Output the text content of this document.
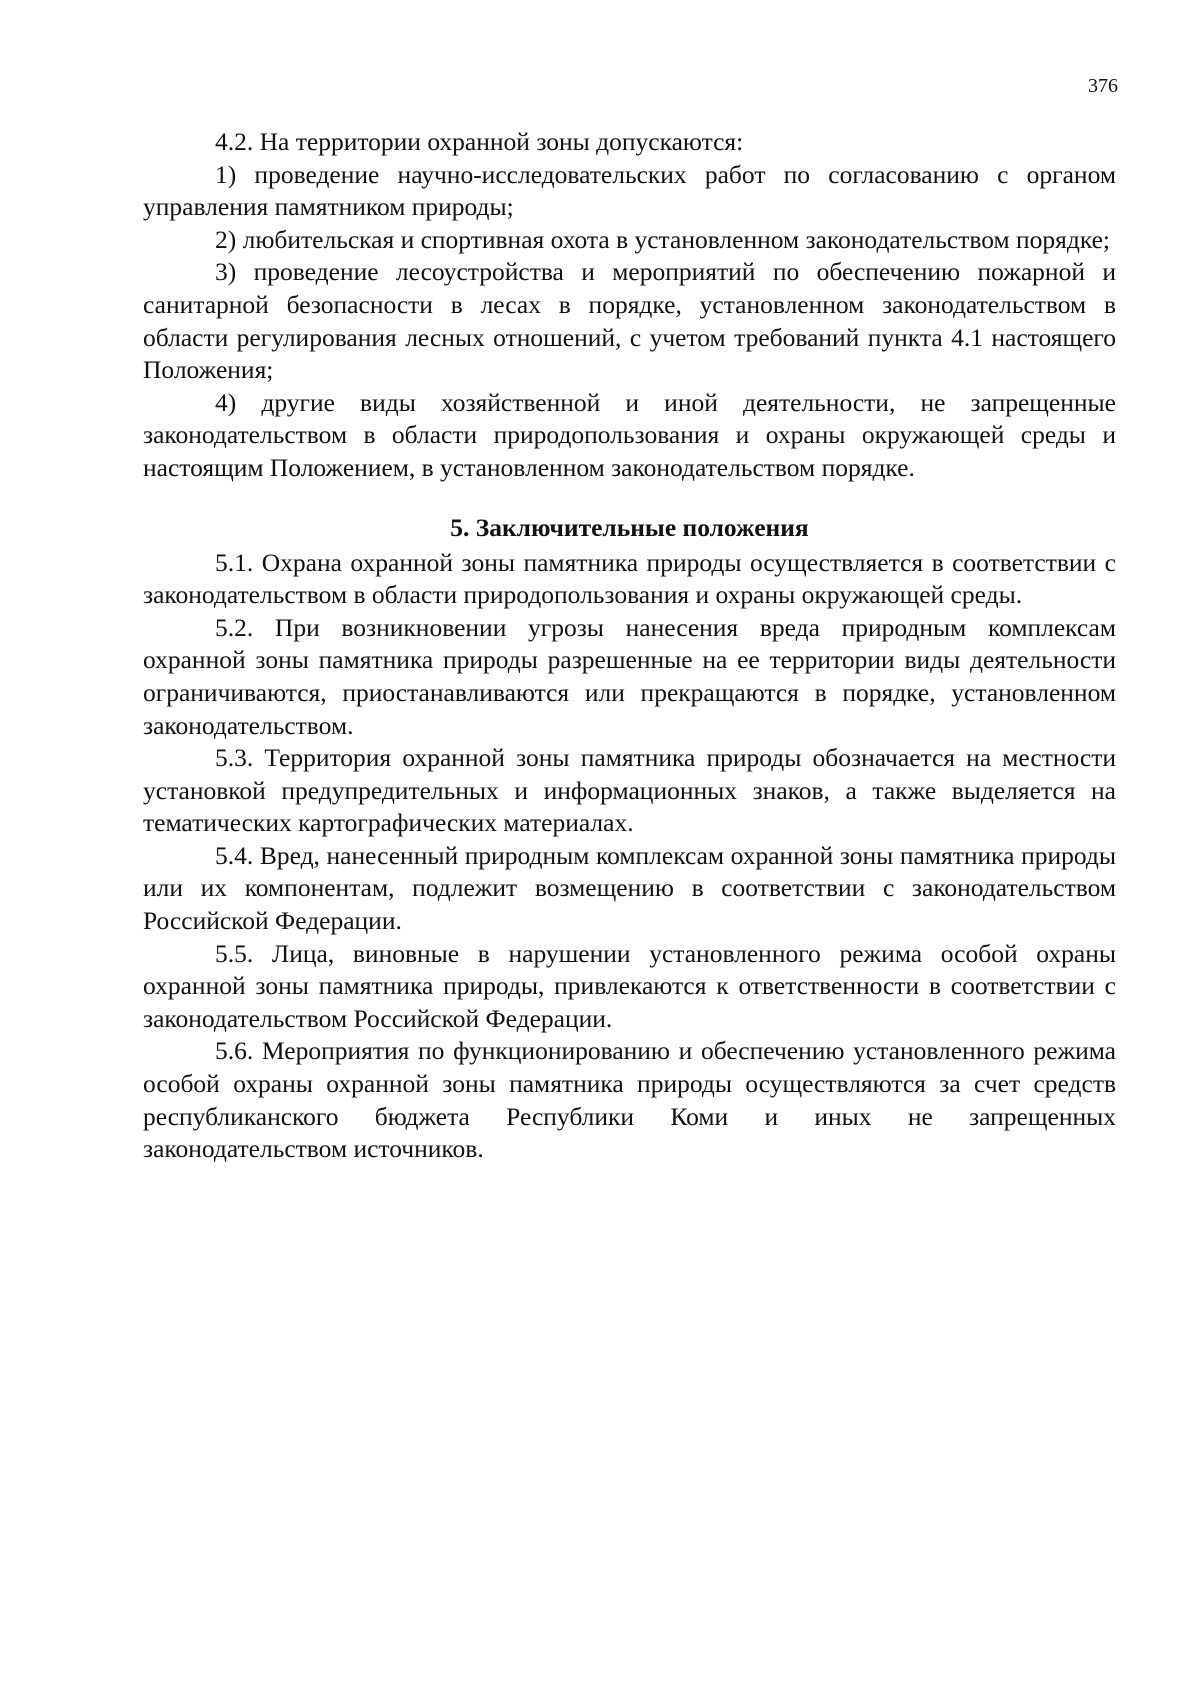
376

4.2. На территории охранной зоны допускаются:

1) проведение научно-исследовательских работ по согласованию с органом управления памятником природы;

2) любительская и спортивная охота в установленном законодательством порядке;

3) проведение лесоустройства и мероприятий по обеспечению пожарной и санитарной безопасности в лесах в порядке, установленном законодательством в области регулирования лесных отношений, с учетом требований пункта 4.1 настоящего Положения;

4) другие виды хозяйственной и иной деятельности, не запрещенные законодательством в области природопользования и охраны окружающей среды и настоящим Положением, в установленном законодательством порядке.

5. Заключительные положения

5.1. Охрана охранной зоны памятника природы осуществляется в соответствии с законодательством в области природопользования и охраны окружающей среды.

5.2. При возникновении угрозы нанесения вреда природным комплексам охранной зоны памятника природы разрешенные на ее территории виды деятельности ограничиваются, приостанавливаются или прекращаются в порядке, установленном законодательством.

5.3. Территория охранной зоны памятника природы обозначается на местности установкой предупредительных и информационных знаков, а также выделяется на тематических картографических материалах.

5.4. Вред, нанесенный природным комплексам охранной зоны памятника природы или их компонентам, подлежит возмещению в соответствии с законодательством Российской Федерации.

5.5. Лица, виновные в нарушении установленного режима особой охраны охранной зоны памятника природы, привлекаются к ответственности в соответствии с законодательством Российской Федерации.

5.6. Мероприятия по функционированию и обеспечению установленного режима особой охраны охранной зоны памятника природы осуществляются за счет средств республиканского бюджета Республики Коми и иных не запрещенных законодательством источников.
